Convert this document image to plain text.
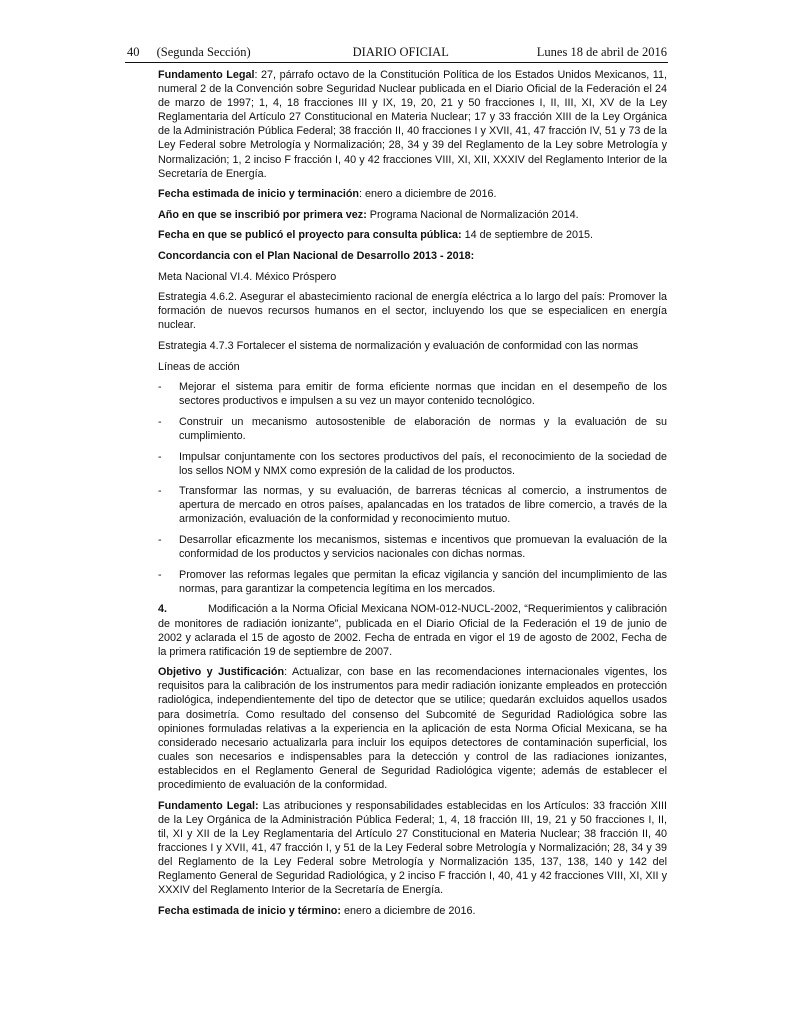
40 (Segunda Sección)	DIARIO OFICIAL	Lunes 18 de abril de 2016

Fundamento Legal: 27, párrafo octavo de la Constitución Política de los Estados Unidos Mexicanos, 11, numeral 2 de la Convención sobre Seguridad Nuclear publicada en el Diario Oficial de la Federación el 24 de marzo de 1997; 1, 4, 18 fracciones III y IX, 19, 20, 21 y 50 fracciones I, II, III, XI, XV de la Ley Reglamentaria del Artículo 27 Constitucional en Materia Nuclear; 17 y 33 fracción XIII de la Ley Orgánica de la Administración Pública Federal; 38 fracción II, 40 fracciones I y XVII, 41, 47 fracción IV, 51 y 73 de la Ley Federal sobre Metrología y Normalización; 28, 34 y 39 del Reglamento de la Ley sobre Metrología y Normalización; 1, 2 inciso F fracción I, 40 y 42 fracciones VIII, XI, XII, XXXIV del Reglamento Interior de la Secretaría de Energía.

Fecha estimada de inicio y terminación: enero a diciembre de 2016.

Año en que se inscribió por primera vez: Programa Nacional de Normalización 2014.

Fecha en que se publicó el proyecto para consulta pública: 14 de septiembre de 2015.

Concordancia con el Plan Nacional de Desarrollo 2013 - 2018:

Meta Nacional VI.4. México Próspero

Estrategia 4.6.2. Asegurar el abastecimiento racional de energía eléctrica a lo largo del país: Promover la formación de nuevos recursos humanos en el sector, incluyendo los que se especialicen en energía nuclear.

Estrategia 4.7.3 Fortalecer el sistema de normalización y evaluación de conformidad con las normas

Líneas de acción

-	Mejorar el sistema para emitir de forma eficiente normas que incidan en el desempeño de los sectores productivos e impulsen a su vez un mayor contenido tecnológico.
-	Construir un mecanismo autosostenible de elaboración de normas y la evaluación de su cumplimiento.
-	Impulsar conjuntamente con los sectores productivos del país, el reconocimiento de la sociedad de los sellos NOM y NMX como expresión de la calidad de los productos.
-	Transformar las normas, y su evaluación, de barreras técnicas al comercio, a instrumentos de apertura de mercado en otros países, apalancadas en los tratados de libre comercio, a través de la armonización, evaluación de la conformidad y reconocimiento mutuo.
-	Desarrollar eficazmente los mecanismos, sistemas e incentivos que promuevan la evaluación de la conformidad de los productos y servicios nacionales con dichas normas.
-	Promover las reformas legales que permitan la eficaz vigilancia y sanción del incumplimiento de las normas, para garantizar la competencia legítima en los mercados.

4.	Modificación a la Norma Oficial Mexicana NOM-012-NUCL-2002, “Requerimientos y calibración de monitores de radiación ionizante”, publicada en el Diario Oficial de la Federación el 19 de junio de 2002 y aclarada el 15 de agosto de 2002. Fecha de entrada en vigor el 19 de agosto de 2002, Fecha de la primera ratificación 19 de septiembre de 2007.

Objetivo y Justificación: Actualizar, con base en las recomendaciones internacionales vigentes, los requisitos para la calibración de los instrumentos para medir radiación ionizante empleados en protección radiológica, independientemente del tipo de detector que se utilice; quedarán excluidos aquellos usados para dosimetría. Como resultado del consenso del Subcomité de Seguridad Radiológica sobre las opiniones formuladas relativas a la experiencia en la aplicación de esta Norma Oficial Mexicana, se ha considerado necesario actualizarla para incluir los equipos detectores de contaminación superficial, los cuales son necesarios e indispensables para la detección y control de las radiaciones ionizantes, establecidos en el Reglamento General de Seguridad Radiológica vigente; además de establecer el procedimiento de evaluación de la conformidad.

Fundamento Legal: Las atribuciones y responsabilidades establecidas en los Artículos: 33 fracción XIII de la Ley Orgánica de la Administración Pública Federal; 1, 4, 18 fracción III, 19, 21 y 50 fracciones I, II, til, XI y XII de la Ley Reglamentaria del Artículo 27 Constitucional en Materia Nuclear; 38 fracción II, 40 fracciones I y XVII, 41, 47 fracción I, y 51 de la Ley Federal sobre Metrología y Normalización; 28, 34 y 39 del Reglamento de la Ley Federal sobre Metrología y Normalización 135, 137, 138, 140 y 142 del Reglamento General de Seguridad Radiológica, y 2 inciso F fracción I, 40, 41 y 42 fracciones VIII, XI, XII y XXXIV del Reglamento Interior de la Secretaría de Energía.

Fecha estimada de inicio y término: enero a diciembre de 2016.
